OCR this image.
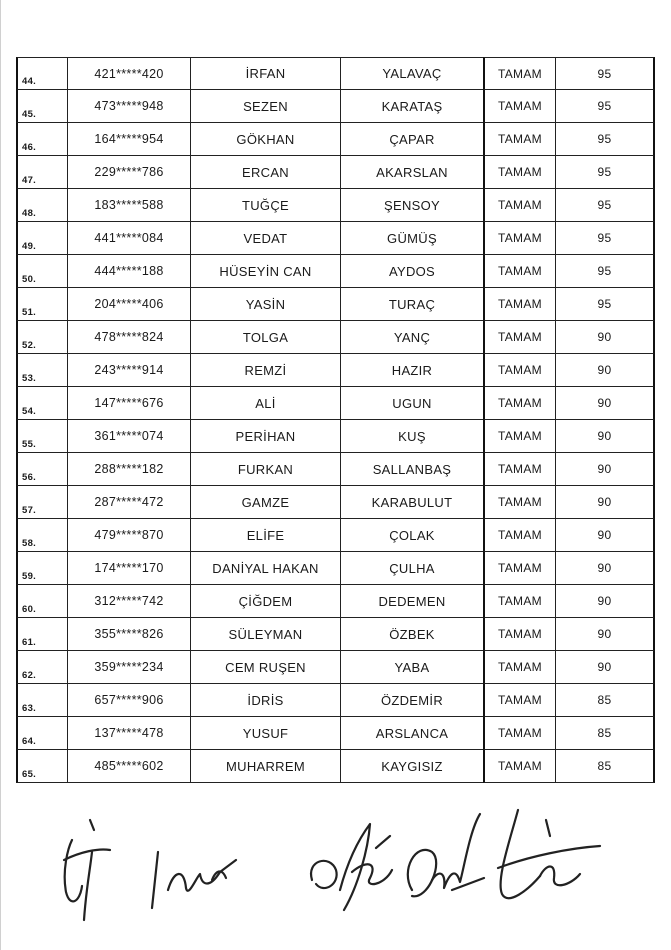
44.
421*****420	İRFAN	YALAVAÇ	TAMAM	95
45.
473*****948	SEZEN	KARATAŞ	TAMAM	95
46.
164*****954	GÖKHAN	ÇAPAR	TAMAM	95
47.
229*****786	ERCAN	AKARSLAN	TAMAM	95
48.
183*****588	TUĞÇE	ŞENSOY	TAMAM	95
49.
441*****084	VEDAT	GÜMÜŞ	TAMAM	95
50.
444*****188	HÜSEYİN CAN	AYDOS	TAMAM	95
51.
204*****406	YASİN	TURAÇ	TAMAM	95
52.
478*****824	TOLGA	YANÇ	TAMAM	90
53.
243*****914	REMZİ	HAZIR	TAMAM	90
54.
147*****676	ALİ	UGUN	TAMAM	90
55.
361*****074	PERİHAN	KUŞ	TAMAM	90
56.
288*****182	FURKAN	SALLANBAŞ	TAMAM	90
57.
287*****472	GAMZE	KARABULUT	TAMAM	90
58.
479*****870	ELİFE	ÇOLAK	TAMAM	90
59.
174*****170	DANİYAL HAKAN	ÇULHA	TAMAM	90
60.
312*****742	ÇİĞDEM	DEDEMEN	TAMAM	90
61.
355*****826	SÜLEYMAN	ÖZBEK	TAMAM	90
62.
359*****234	CEM RUŞEN	YABA	TAMAM	90
63.
657*****906	İDRİS	ÖZDEMİR	TAMAM	85
64.
137*****478	YUSUF	ARSLANCA	TAMAM	85
65.
485*****602	MUHARREM	KAYGISIZ	TAMAM	85
